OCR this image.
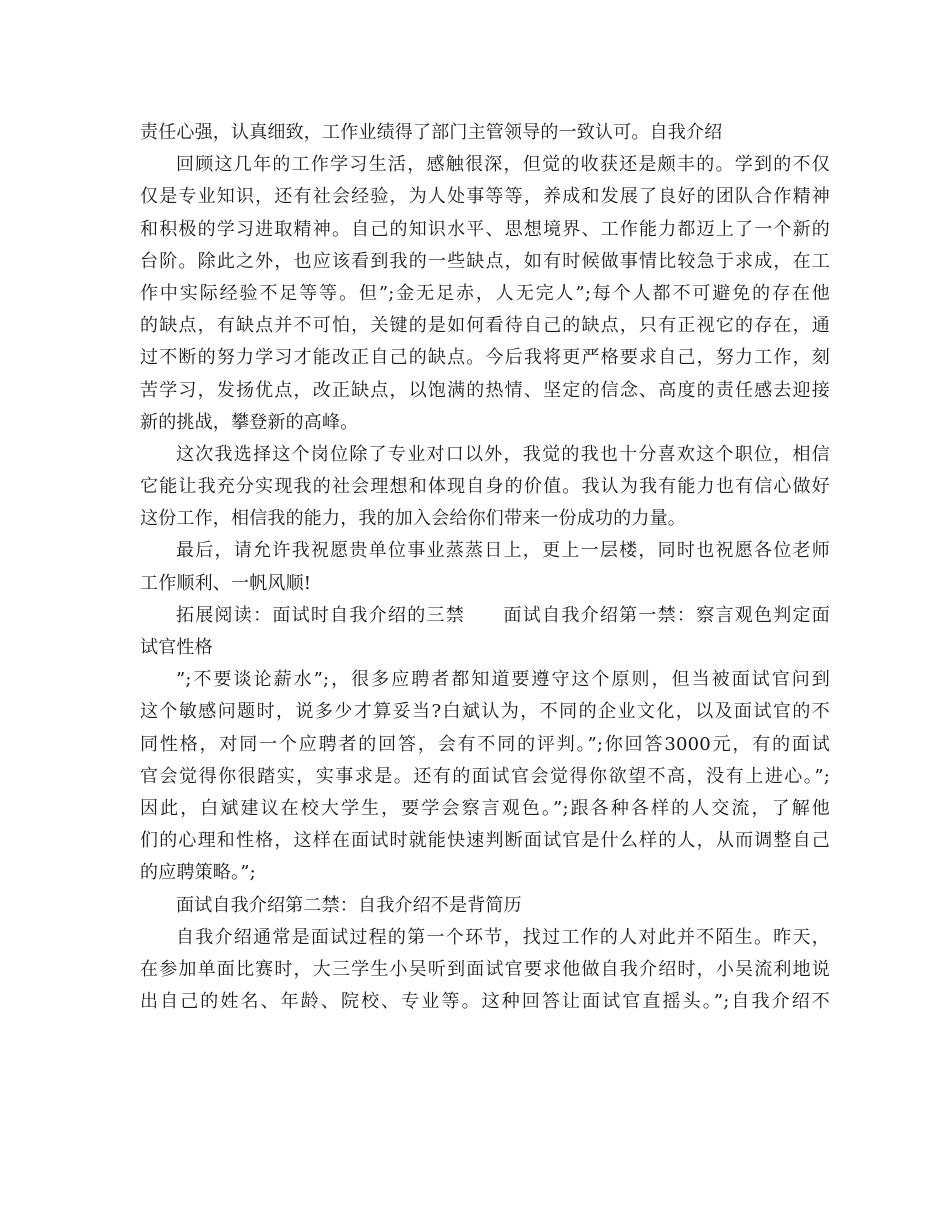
责任心强，认真细致，工作业绩得了部门主管领导的一致认可。自我介绍
回顾这几年的工作学习生活，感触很深，但觉的收获还是颇丰的。学到的不仅
仅是专业知识，还有社会经验，为人处事等等，养成和发展了良好的团队合作精神
和积极的学习进取精神。自己的知识水平、思想境界、工作能力都迈上了一个新的
台阶。除此之外，也应该看到我的一些缺点，如有时候做事情比较急于求成，在工
作中实际经验不足等等。但”;金无足赤，人无完人”;每个人都不可避免的存在他
的缺点，有缺点并不可怕，关键的是如何看待自己的缺点，只有正视它的存在，通
过不断的努力学习才能改正自己的缺点。今后我将更严格要求自己，努力工作，刻
苦学习，发扬优点，改正缺点，以饱满的热情、坚定的信念、高度的责任感去迎接
新的挑战，攀登新的高峰。
这次我选择这个岗位除了专业对口以外，我觉的我也十分喜欢这个职位，相信
它能让我充分实现我的社会理想和体现自身的价值。我认为我有能力也有信心做好
这份工作，相信我的能力，我的加入会给你们带来一份成功的力量。
最后，请允许我祝愿贵单位事业蒸蒸日上，更上一层楼，同时也祝愿各位老师
工作顺利、一帆风顺!
拓展阅读：面试时自我介绍的三禁　　面试自我介绍第一禁：察言观色判定面
试官性格
”;不要谈论薪水”;，很多应聘者都知道要遵守这个原则，但当被面试官问到
这个敏感问题时，说多少才算妥当?白斌认为，不同的企业文化，以及面试官的不
同性格，对同一个应聘者的回答，会有不同的评判。”;你回答3000元，有的面试
官会觉得你很踏实，实事求是。还有的面试官会觉得你欲望不高，没有上进心。”;
因此，白斌建议在校大学生，要学会察言观色。”;跟各种各样的人交流，了解他
们的心理和性格，这样在面试时就能快速判断面试官是什么样的人，从而调整自己
的应聘策略。”;
面试自我介绍第二禁：自我介绍不是背简历
自我介绍通常是面试过程的第一个环节，找过工作的人对此并不陌生。昨天，
在参加单面比赛时，大三学生小吴听到面试官要求他做自我介绍时，小吴流利地说
出自己的姓名、年龄、院校、专业等。这种回答让面试官直摇头。”;自我介绍不
